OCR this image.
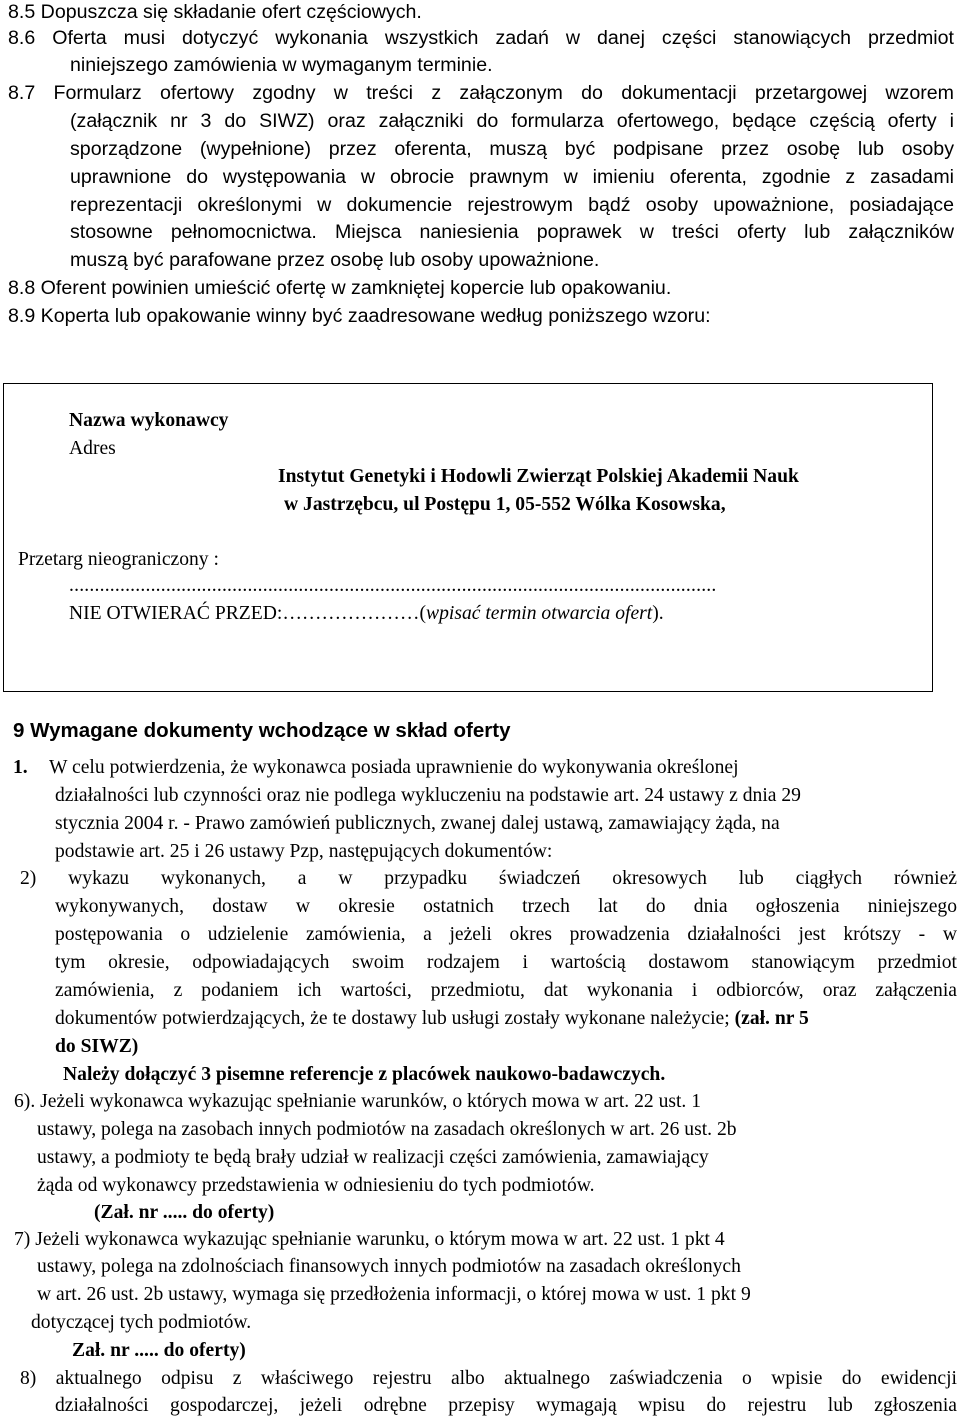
8.5 Dopuszcza się składanie ofert częściowych.
8.6 Oferta musi dotyczyć wykonania wszystkich zadań w danej części stanowiących przedmiot
niniejszego zamówienia w wymaganym terminie.
8.7 Formularz ofertowy zgodny w treści z załączonym do dokumentacji przetargowej wzorem
(załącznik nr 3 do SIWZ) oraz załączniki do formularza ofertowego, będące częścią oferty i
sporządzone (wypełnione) przez oferenta, muszą być podpisane przez osobę lub osoby
uprawnione do występowania w obrocie prawnym w imieniu oferenta, zgodnie z zasadami
reprezentacji określonymi w dokumencie rejestrowym bądź osoby upoważnione, posiadające
stosowne pełnomocnictwa. Miejsca naniesienia poprawek w treści oferty lub załączników
muszą być parafowane przez osobę lub osoby upoważnione.
8.8 Oferent powinien umieścić ofertę w zamkniętej kopercie lub opakowaniu.
8.9 Koperta lub opakowanie winny być zaadresowane według poniższego wzoru:
Nazwa wykonawcy
Adres
Instytut Genetyki i Hodowli Zwierząt Polskiej Akademii Nauk
w Jastrzębcu, ul Postępu 1, 05-552 Wólka Kosowska,
Przetarg nieograniczony :
...............................................................................................................................
NIE OTWIERAĆ PRZED:…………………(wpisać termin otwarcia ofert).
9 Wymagane dokumenty wchodzące w skład oferty
1. W celu potwierdzenia, że wykonawca posiada uprawnienie do wykonywania określonej
działalności lub czynności oraz nie podlega wykluczeniu na podstawie art. 24 ustawy z dnia 29
stycznia 2004 r. - Prawo zamówień publicznych, zwanej dalej ustawą, zamawiający żąda, na
podstawie art. 25 i 26 ustawy Pzp, następujących dokumentów:
2) wykazu wykonanych, a w przypadku świadczeń okresowych lub ciągłych również
wykonywanych, dostaw w okresie ostatnich trzech lat do dnia ogłoszenia niniejszego
postępowania o udzielenie zamówienia, a jeżeli okres prowadzenia działalności jest krótszy - w
tym okresie, odpowiadających swoim rodzajem i wartością dostawom stanowiącym przedmiot
zamówienia, z podaniem ich wartości, przedmiotu, dat wykonania i odbiorców, oraz załączenia
dokumentów potwierdzających, że te dostawy lub usługi zostały wykonane należycie; (zał. nr 5
do SIWZ)
Należy dołączyć 3 pisemne referencje z placówek naukowo-badawczych.
6). Jeżeli wykonawca wykazując spełnianie warunków, o których mowa w art. 22 ust. 1
ustawy, polega na zasobach innych podmiotów na zasadach określonych w art. 26 ust. 2b
ustawy, a podmioty te będą brały udział w realizacji części zamówienia, zamawiający
żąda od wykonawcy przedstawienia w odniesieniu do tych podmiotów.
(Zał. nr ..... do oferty)
7) Jeżeli wykonawca wykazując spełnianie warunku, o którym mowa w art. 22 ust. 1 pkt 4
ustawy, polega na zdolnościach finansowych innych podmiotów na zasadach określonych
w art. 26 ust. 2b ustawy, wymaga się przedłożenia informacji, o której mowa w ust. 1 pkt 9
dotyczącej tych podmiotów.
Zał. nr ..... do oferty)
8) aktualnego odpisu z właściwego rejestru albo aktualnego zaświadczenia o wpisie do ewidencji
działalności gospodarczej, jeżeli odrębne przepisy wymagają wpisu do rejestru lub zgłoszenia
